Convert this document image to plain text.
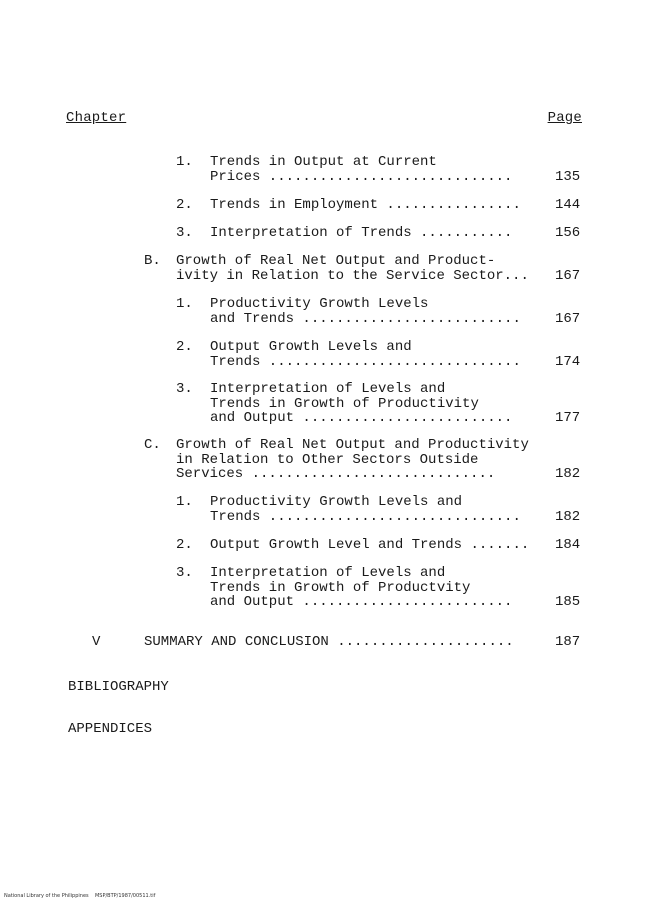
Chapter	Page
1. Trends in Output at Current
Prices .............................	135
2. Trends in Employment ................ 144
3. Interpretation of Trends ...........	156
B. Growth of Real Net Output and Product-
ivity in Relation to the Service Sector... 167
1. Productivity Growth Levels
and Trends .......................... 167
2. Output Growth Levels and
Trends .............................. 174
3. Interpretation of Levels and
Trends in Growth of Productivity
and Output .........................	177
C. Growth of Real Net Output and Productivity
in Relation to Other Sectors Outside
Services .............................	182
1. Productivity Growth Levels and
Trends .............................. 182
2. Output Growth Level and Trends ....... 184
3. Interpretation of Levels and
Trends in Growth of Productvity
and Output .........................	185
V	SUMMARY AND CONCLUSION .....................	187
BIBLIOGRAPHY
APPENDICES
National Library of the Philippines    MSP/BTP/1987/00511.tif
